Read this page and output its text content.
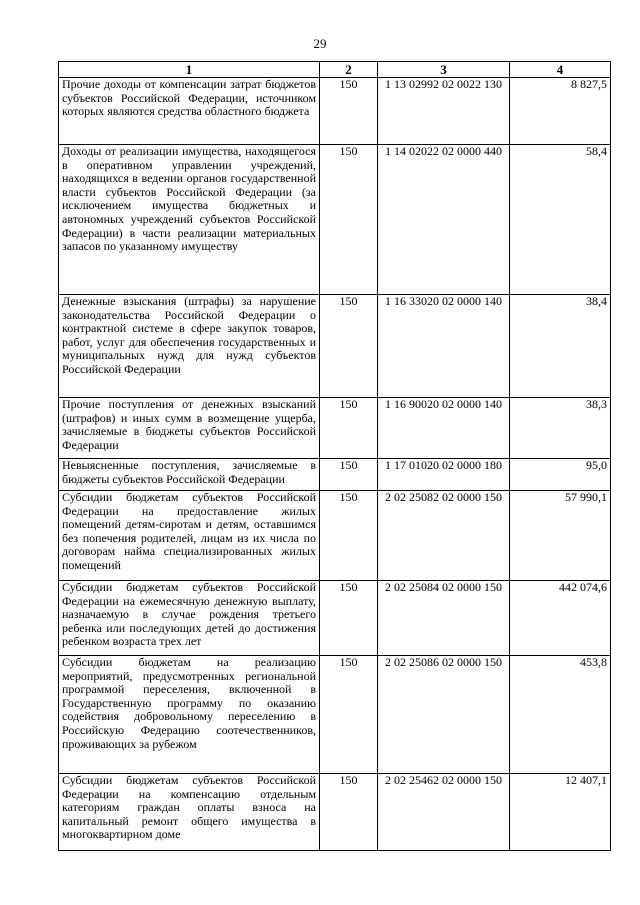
29
1	2	3	4
Прочие доходы от компенсации затрат бюджетов субъектов Российской Федерации, источником которых являются средства областного бюджета	150	1 13 02992 02 0022 130	8 827,5
Доходы от реализации имущества, находящегося в оперативном управлении учреждений, находящихся в ведении органов государственной власти субъектов Российской Федерации (за исключением имущества бюджетных и автономных учреждений субъектов Российской Федерации) в части реализации материальных запасов по указанному имуществу	150	1 14 02022 02 0000 440	58,4
Денежные взыскания (штрафы) за нарушение законодательства Российской Федерации о контрактной системе в сфере закупок товаров, работ, услуг для обеспечения государственных и муниципальных нужд для нужд субъектов Российской Федерации	150	1 16 33020 02 0000 140	38,4
Прочие поступления от денежных взысканий (штрафов) и иных сумм в возмещение ущерба, зачисляемые в бюджеты субъектов Российской Федерации	150	1 16 90020 02 0000 140	38,3
Невыясненные поступления, зачисляемые в бюджеты субъектов Российской Федерации	150	1 17 01020 02 0000 180	95,0
Субсидии бюджетам субъектов Российской Федерации на предоставление жилых помещений детям-сиротам и детям, оставшимся без попечения родителей, лицам из их числа по договорам найма специализированных жилых помещений	150	2 02 25082 02 0000 150	57 990,1
Субсидии бюджетам субъектов Российской Федерации на ежемесячную денежную выплату, назначаемую в случае рождения третьего ребенка или последующих детей до достижения ребенком возраста трех лет	150	2 02 25084 02 0000 150	442 074,6
Субсидии бюджетам на реализацию мероприятий, предусмотренных региональной программой переселения, включенной в Государственную программу по оказанию содействия добровольному переселению в Российскую Федерацию соотечественников, проживающих за рубежом	150	2 02 25086 02 0000 150	453,8
Субсидии бюджетам субъектов Российской Федерации на компенсацию отдельным категориям граждан оплаты взноса на капитальный ремонт общего имущества в многоквартирном доме	150	2 02 25462 02 0000 150	12 407,1
